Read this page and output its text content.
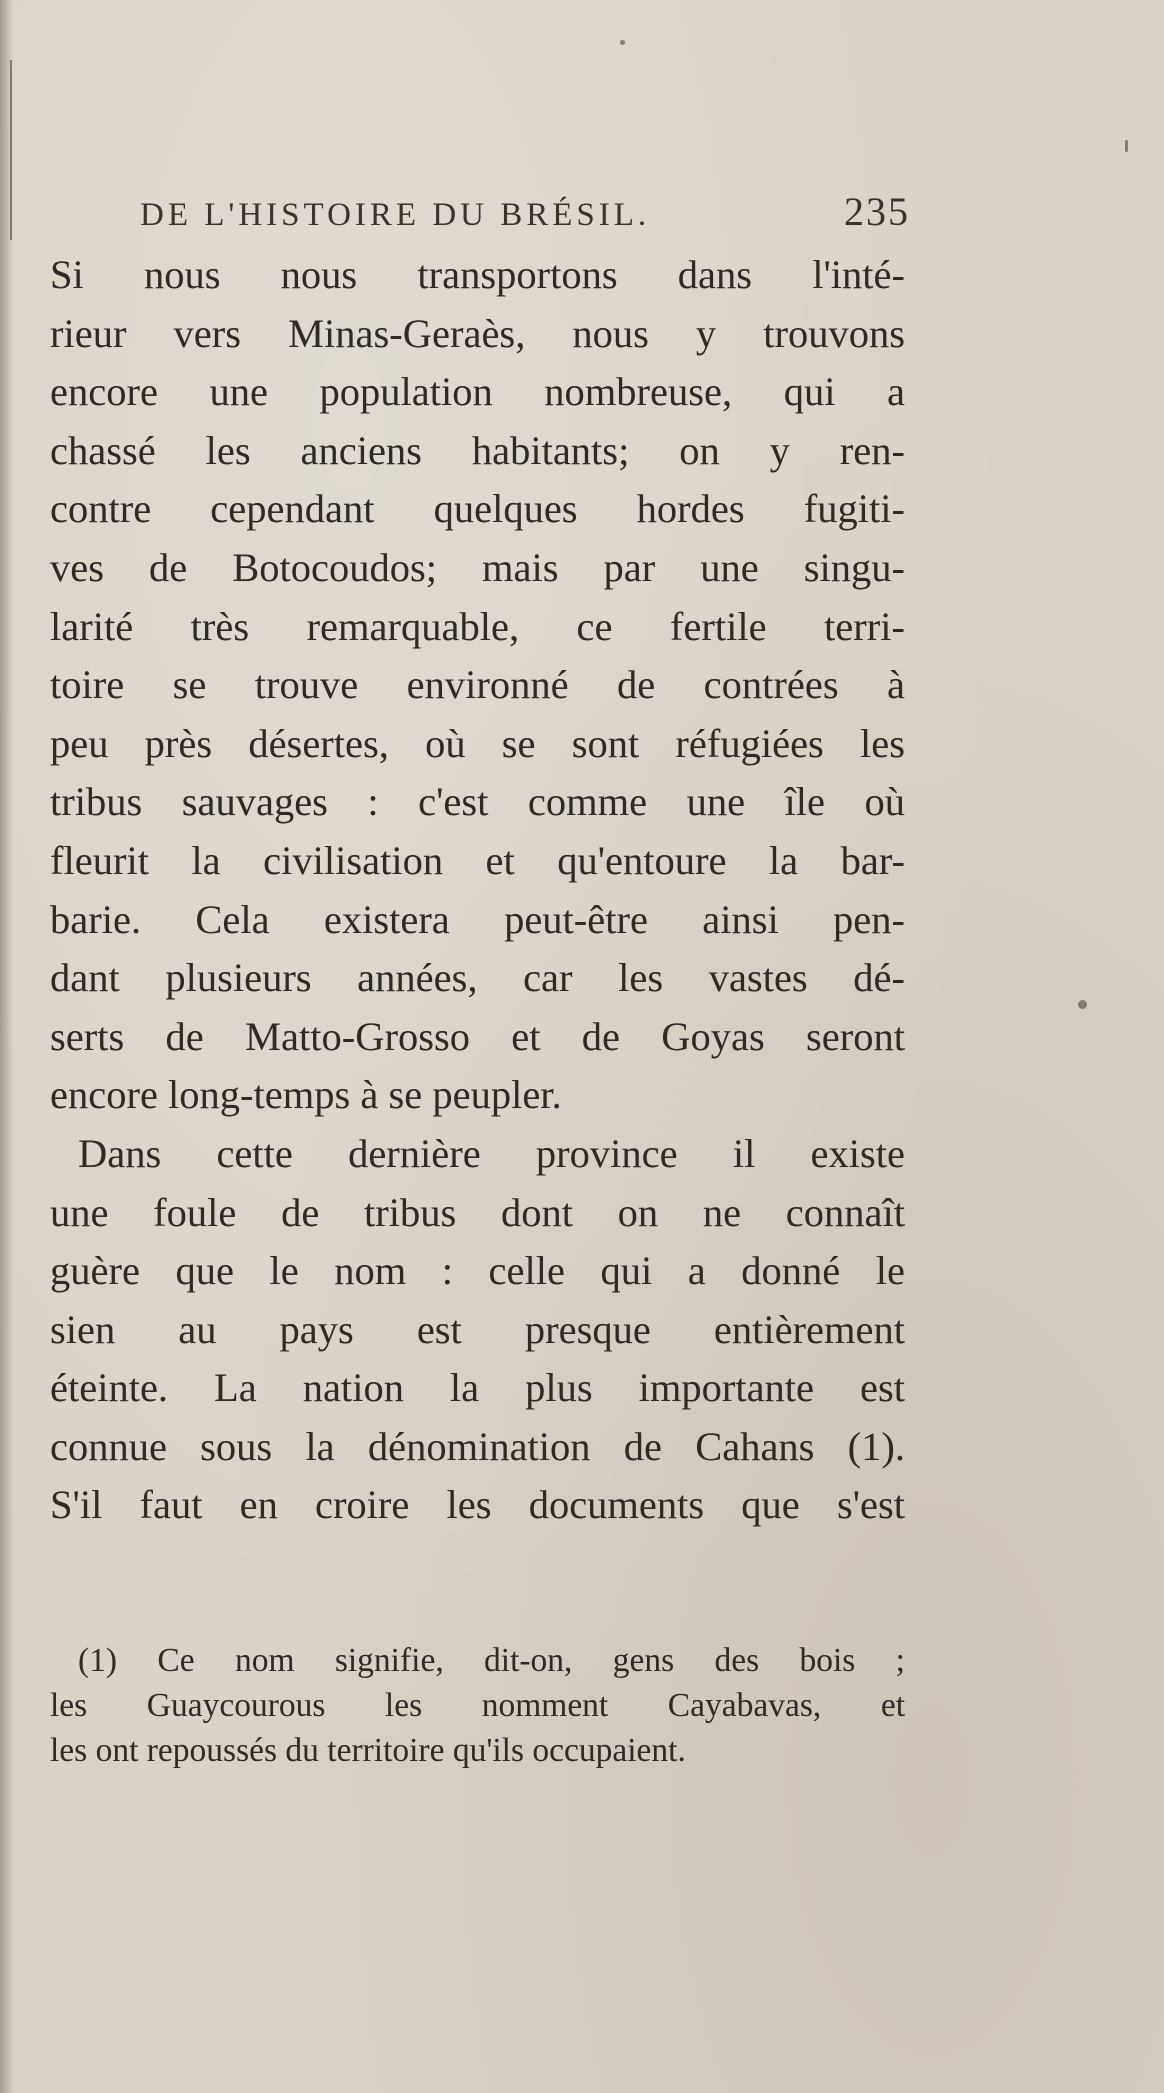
DE L'HISTOIRE DU BRÉSIL.	235
Si nous nous transportons dans l'inté-
rieur vers Minas-Geraès, nous y trouvons
encore une population nombreuse, qui a
chassé les anciens habitants; on y ren-
contre cependant quelques hordes fugiti-
ves de Botocoudos; mais par une singu-
larité très remarquable, ce fertile terri-
toire se trouve environné de contrées à
peu près désertes, où se sont réfugiées les
tribus sauvages : c'est comme une île où
fleurit la civilisation et qu'entoure la bar-
barie. Cela existera peut-être ainsi pen-
dant plusieurs années, car les vastes dé-
serts de Matto-Grosso et de Goyas seront
encore long-temps à se peupler.
Dans cette dernière province il existe
une foule de tribus dont on ne connaît
guère que le nom : celle qui a donné le
sien au pays est presque entièrement
éteinte. La nation la plus importante est
connue sous la dénomination de Cahans (1).
S'il faut en croire les documents que s'est
(1) Ce nom signifie, dit-on, gens des bois ;
les Guaycourous les nomment Cayabavas, et
les ont repoussés du territoire qu'ils occupaient.
